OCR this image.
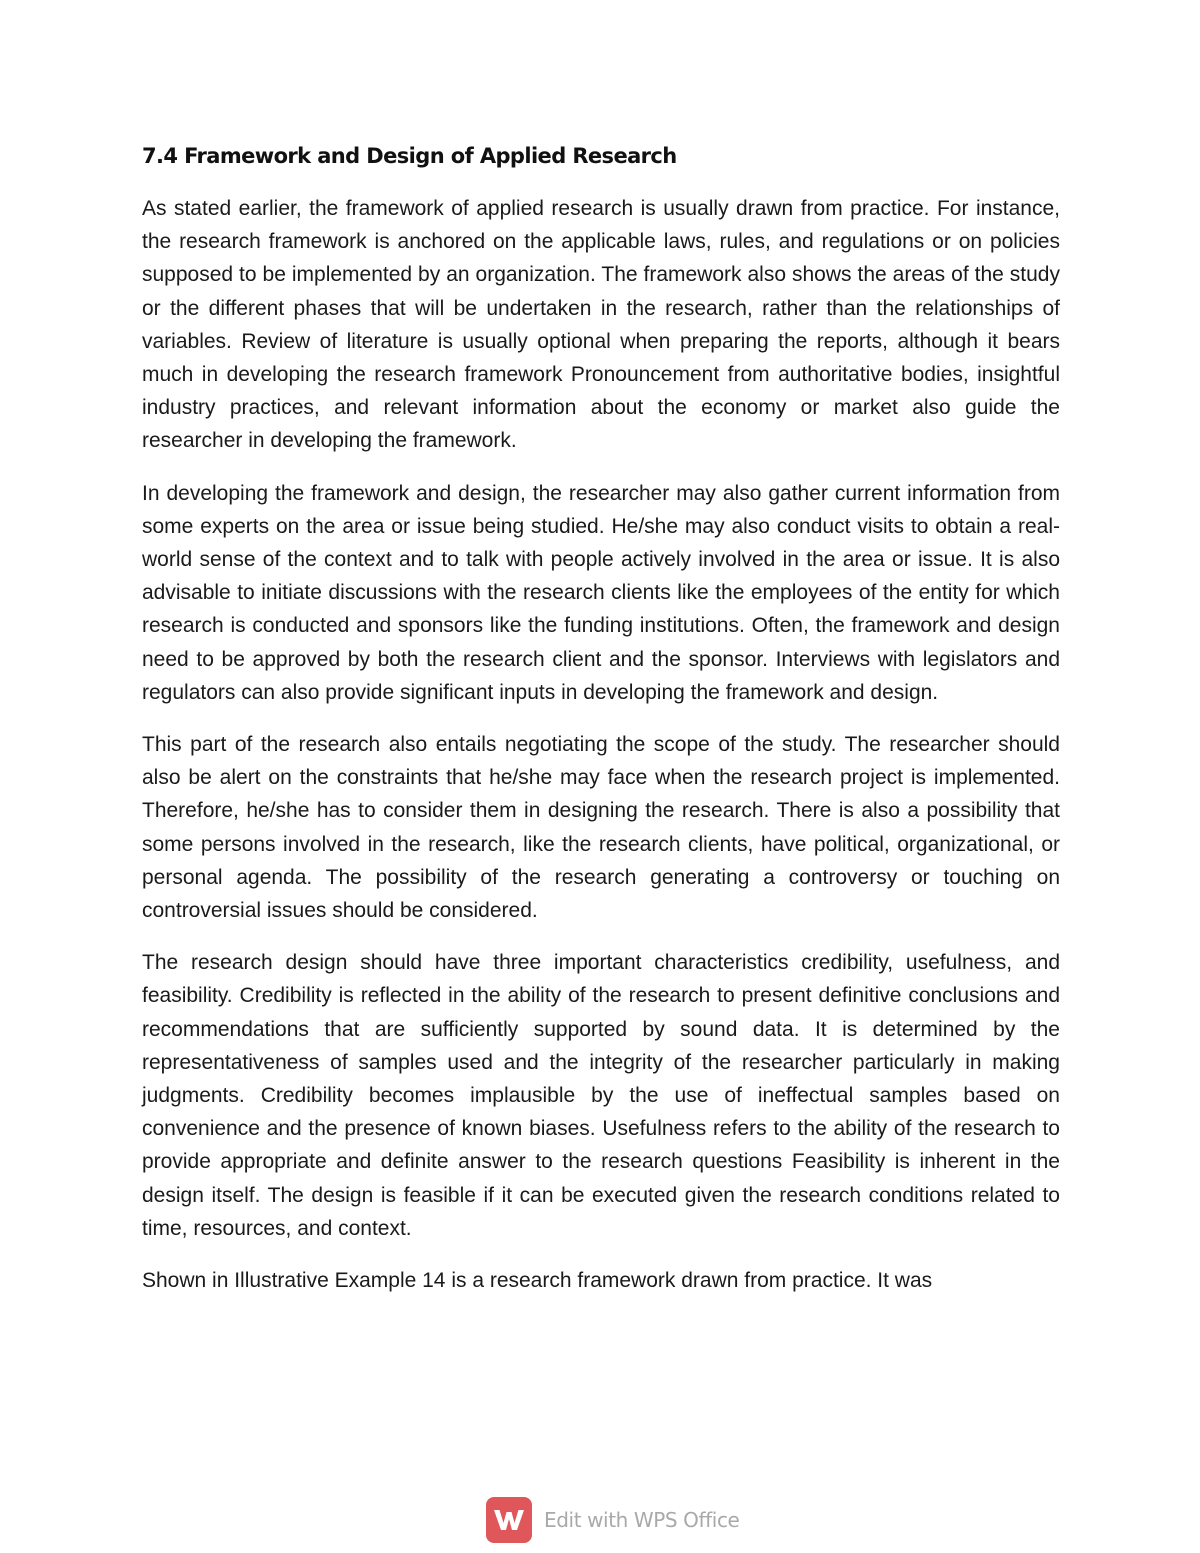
7.4 Framework and Design of Applied Research

As stated earlier, the framework of applied research is usually drawn from practice. For instance, the research framework is anchored on the applicable laws, rules, and regulations or on policies supposed to be implemented by an organization. The framework also shows the areas of the study or the different phases that will be undertaken in the research, rather than the relationships of variables. Review of literature is usually optional when preparing the reports, although it bears much in developing the research framework Pronouncement from authoritative bodies, insightful industry practices, and relevant information about the economy or market also guide the researcher in developing the framework.

In developing the framework and design, the researcher may also gather current information from some experts on the area or issue being studied. He/she may also conduct visits to obtain a real-world sense of the context and to talk with people actively involved in the area or issue. It is also advisable to initiate discussions with the research clients like the employees of the entity for which research is conducted and sponsors like the funding institutions. Often, the framework and design need to be approved by both the research client and the sponsor. Interviews with legislators and regulators can also provide significant inputs in developing the framework and design.

This part of the research also entails negotiating the scope of the study. The researcher should also be alert on the constraints that he/she may face when the research project is implemented. Therefore, he/she has to consider them in designing the research. There is also a possibility that some persons involved in the research, like the research clients, have political, organizational, or personal agenda. The possibility of the research generating a controversy or touching on controversial issues should be considered.

The research design should have three important characteristics credibility, usefulness, and feasibility. Credibility is reflected in the ability of the research to present definitive conclusions and recommendations that are sufficiently supported by sound data. It is determined by the representativeness of samples used and the integrity of the researcher particularly in making judgments. Credibility becomes implausible by the use of ineffectual samples based on convenience and the presence of known biases. Usefulness refers to the ability of the research to provide appropriate and definite answer to the research questions Feasibility is inherent in the design itself. The design is feasible if it can be executed given the research conditions related to time, resources, and context.

Shown in Illustrative Example 14 is a research framework drawn from practice. It was

Edit with WPS Office
